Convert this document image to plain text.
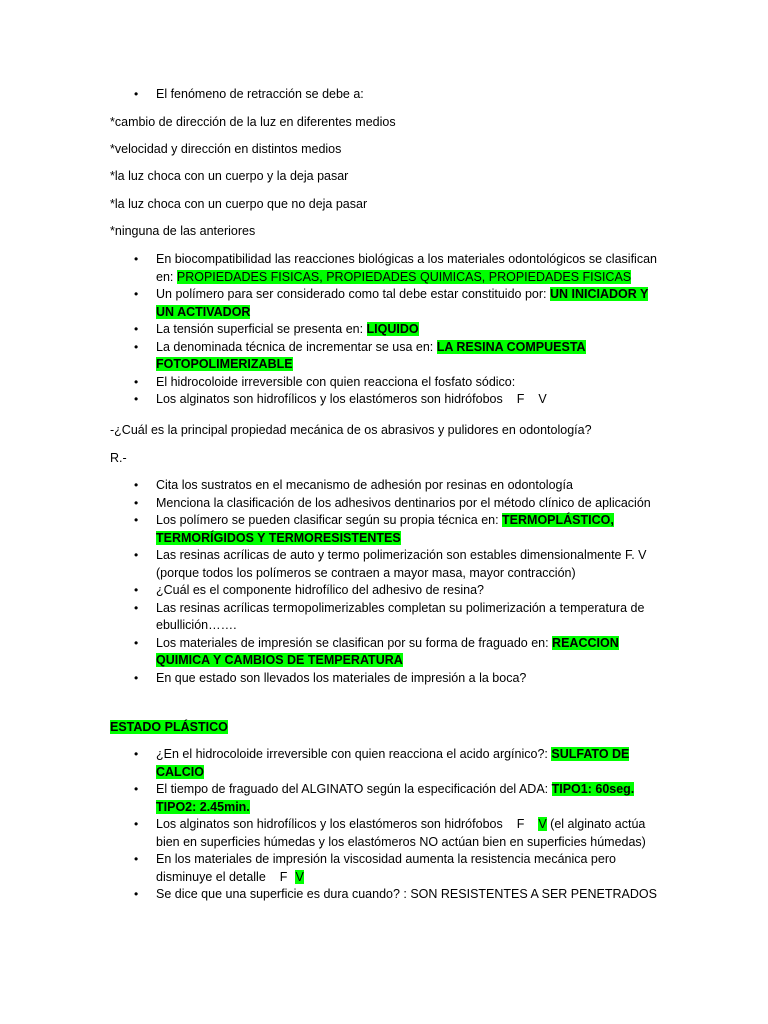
• El fenómeno de retracción se debe a:

*cambio de dirección de la luz en diferentes medios

*velocidad y dirección en distintos medios

*la luz choca con un cuerpo y la deja pasar

*la luz choca con un cuerpo que no deja pasar

*ninguna de las anteriores

• En biocompatibilidad las reacciones biológicas a los materiales odontológicos se clasifican en: PROPIEDADES FISICAS, PROPIEDADES QUIMICAS, PROPIEDADES FISICAS
• Un polímero para ser considerado como tal debe estar constituido por: UN INICIADOR Y UN ACTIVADOR
• La tensión superficial se presenta en: LIQUIDO
• La denominada técnica de incrementar se usa en: LA RESINA COMPUESTA FOTOPOLIMERIZABLE
• El hidrocoloide irreversible con quien reacciona el fosfato sódico:
• Los alginatos son hidrofílicos y los elastómeros son hidrófobos F V

-¿Cuál es la principal propiedad mecánica de os abrasivos y pulidores en odontología?

R.-

• Cita los sustratos en el mecanismo de adhesión por resinas en odontología
• Menciona la clasificación de los adhesivos dentinarios por el método clínico de aplicación
• Los polímero se pueden clasificar según su propia técnica en: TERMOPLÁSTICO, TERMORÍGIDOS Y TERMORESISTENTES
• Las resinas acrílicas de auto y termo polimerización son estables dimensionalmente F. V (porque todos los polímeros se contraen a mayor masa, mayor contracción)
• ¿Cuál es el componente hidrofílico del adhesivo de resina?
• Las resinas acrílicas termopolimerizables completan su polimerización a temperatura de ebullición…….
• Los materiales de impresión se clasifican por su forma de fraguado en: REACCION QUIMICA Y CAMBIOS DE TEMPERATURA
• En que estado son llevados los materiales de impresión a la boca?

ESTADO PLÁSTICO

• ¿En el hidrocoloide irreversible con quien reacciona el acido argínico?: SULFATO DE CALCIO
• El tiempo de fraguado del ALGINATO según la especificación del ADA: TIPO1: 60seg. TIPO2: 2.45min.
• Los alginatos son hidrofílicos y los elastómeros son hidrófobos F V (el alginato actúa bien en superficies húmedas y los elastómeros NO actúan bien en superficies húmedas)
• En los materiales de impresión la viscosidad aumenta la resistencia mecánica pero disminuye el detalle F V
• Se dice que una superficie es dura cuando? : SON RESISTENTES A SER PENETRADOS
